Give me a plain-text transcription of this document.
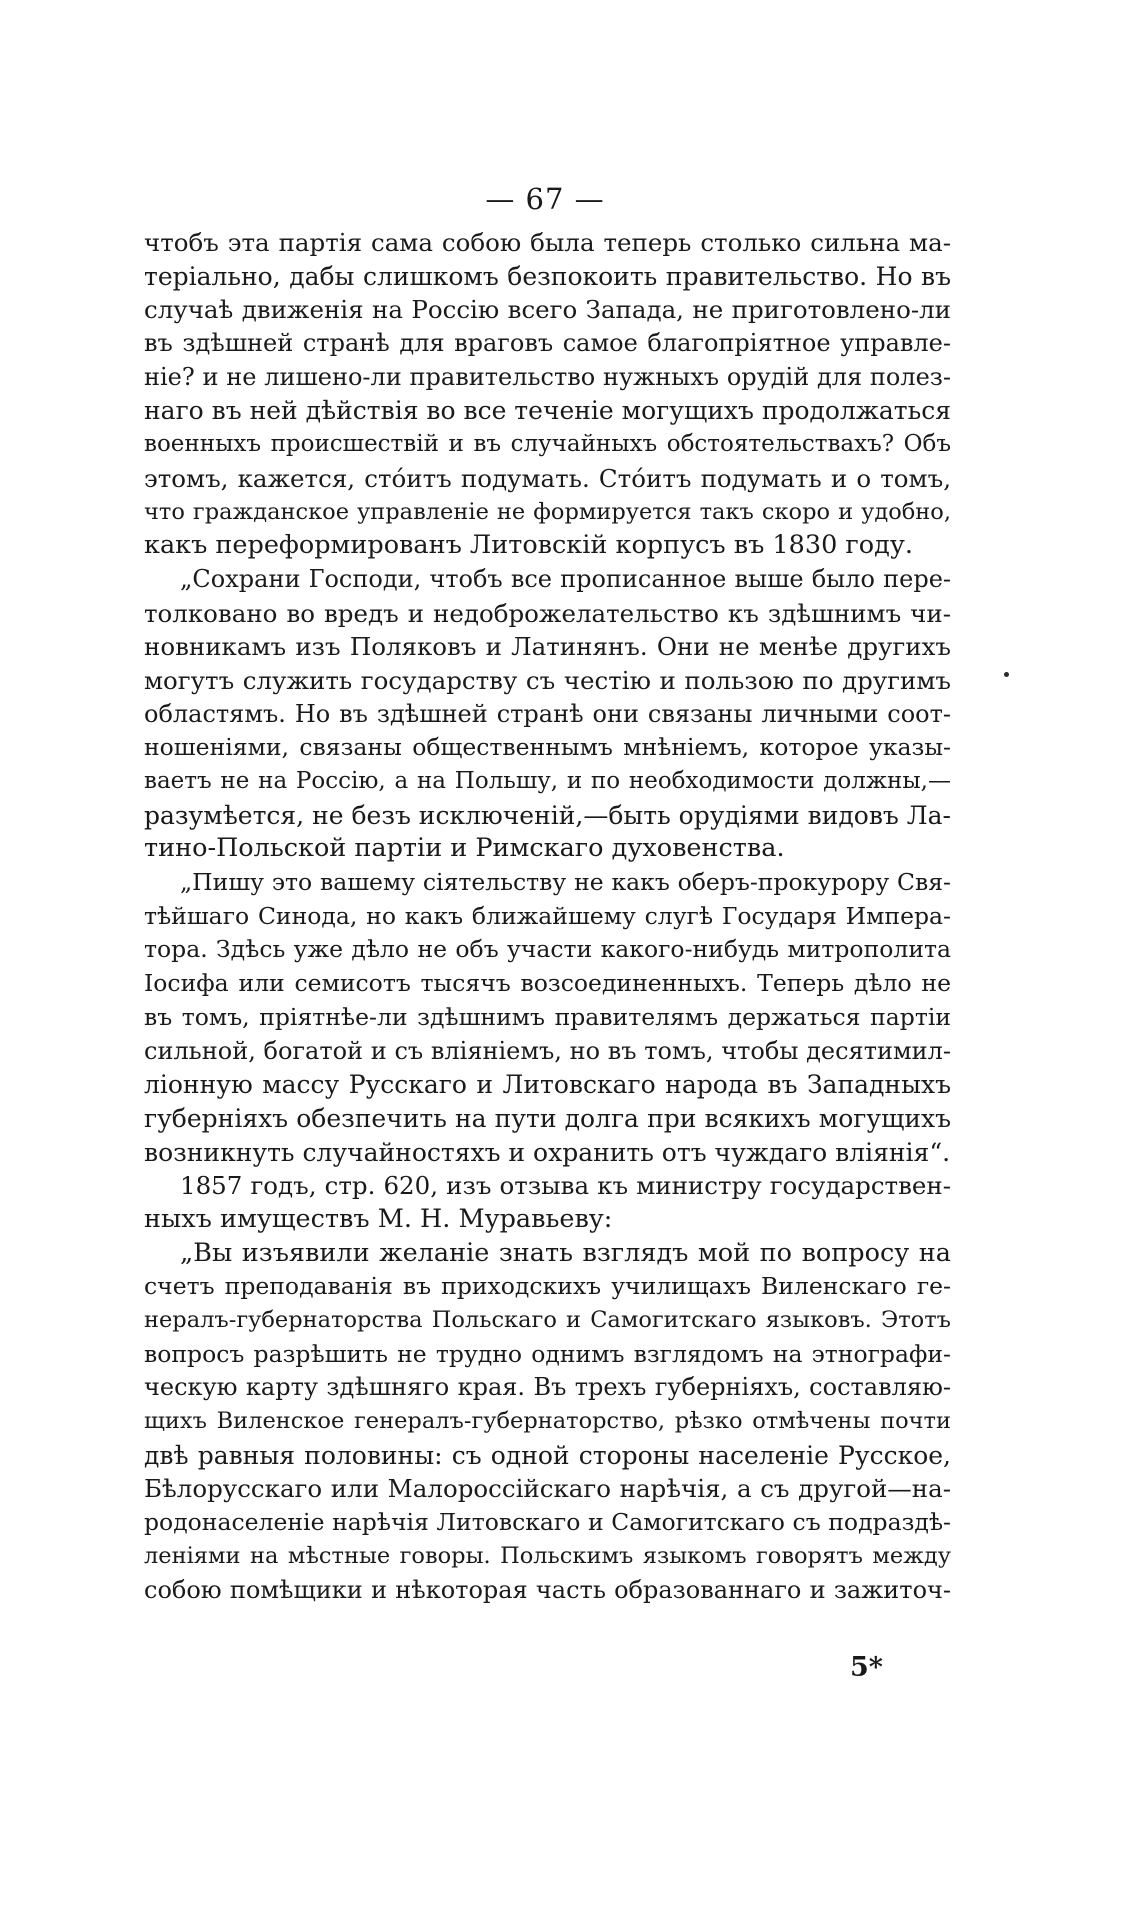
— 67 —
чтобъ эта партія сама собою была теперь столько сильна ма-
теріально, дабы слишкомъ безпокоить правительство. Но въ
случаѣ движенія на Россію всего Запада, не приготовлено-ли
въ здѣшней странѣ для враговъ самое благопріятное управле-
ніе? и не лишено-ли правительство нужныхъ орудій для полез-
наго въ ней дѣйствія во все теченіе могущихъ продолжаться
военныхъ происшествій и въ случайныхъ обстоятельствахъ? Объ
этомъ, кажется, стóитъ подумать. Стóитъ подумать и о томъ,
что гражданское управленіе не формируется такъ скоро и удобно,
какъ переформированъ Литовскій корпусъ въ 1830 году.
„Сохрани Господи, чтобъ все прописанное выше было пере-
толковано во вредъ и недоброжелательство къ здѣшнимъ чи-
новникамъ изъ Поляковъ и Латинянъ. Они не менѣе другихъ
могутъ служить государству съ честію и пользою по другимъ
областямъ. Но въ здѣшней странѣ они связаны личными соот-
ношеніями, связаны общественнымъ мнѣніемъ, которое указы-
ваетъ не на Россію, а на Польшу, и по необходимости должны,—
разумѣется, не безъ исключеній,—быть орудіями видовъ Ла-
тино-Польской партіи и Римскаго духовенства.
„Пишу это вашему сіятельству не какъ оберъ-прокурору Свя-
тѣйшаго Синода, но какъ ближайшему слугѣ Государя Импера-
тора. Здѣсь уже дѣло не объ участи какого-нибудь митрополита
Іосифа или семисотъ тысячъ возсоединенныхъ. Теперь дѣло не
въ томъ, пріятнѣе-ли здѣшнимъ правителямъ держаться партіи
сильной, богатой и съ вліяніемъ, но въ томъ, чтобы десятимил-
ліонную массу Русскаго и Литовскаго народа въ Западныхъ
губерніяхъ обезпечить на пути долга при всякихъ могущихъ
возникнуть случайностяхъ и охранить отъ чуждаго вліянія“.
1857 годъ, стр. 620, изъ отзыва къ министру государствен-
ныхъ имуществъ М. Н. Муравьеву:
„Вы изъявили желаніе знать взглядъ мой по вопросу на
счетъ преподаванія въ приходскихъ училищахъ Виленскаго ге-
нералъ-губернаторства Польскаго и Самогитскаго языковъ. Этотъ
вопросъ разрѣшить не трудно однимъ взглядомъ на этнографи-
ческую карту здѣшняго края. Въ трехъ губерніяхъ, составляю-
щихъ Виленское генералъ-губернаторство, рѣзко отмѣчены почти
двѣ равныя половины: съ одной стороны населеніе Русское,
Бѣлорусскаго или Малороссійскаго нарѣчія, а съ другой—на-
родонаселеніе нарѣчія Литовскаго и Самогитскаго съ подраздѣ-
леніями на мѣстные говоры. Польскимъ языкомъ говорятъ между
собою помѣщики и нѣкоторая часть образованнаго и зажиточ-
5*
